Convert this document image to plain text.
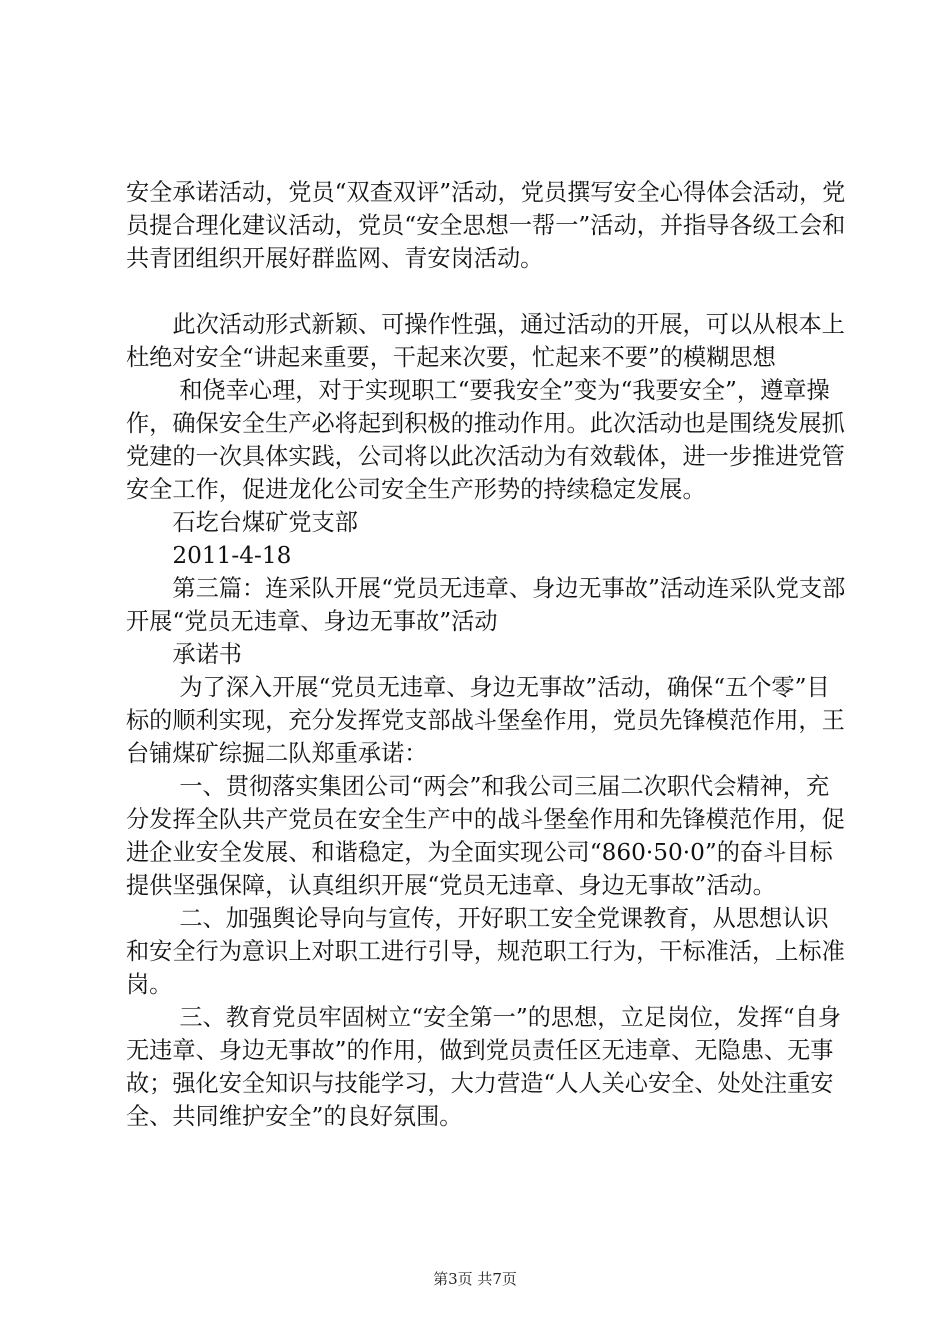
安全承诺活动，党员“双查双评”活动，党员撰写安全心得体会活动，党员提合理化建议活动，党员“安全思想一帮一”活动，并指导各级工会和共青团组织开展好群监网、青安岗活动。

此次活动形式新颖、可操作性强，通过活动的开展，可以从根本上杜绝对安全“讲起来重要，干起来次要，忙起来不要”的模糊思想

和侥幸心理，对于实现职工“要我安全”变为“我要安全”，遵章操作，确保安全生产必将起到积极的推动作用。此次活动也是围绕发展抓党建的一次具体实践，公司将以此次活动为有效载体，进一步推进党管安全工作，促进龙化公司安全生产形势的持续稳定发展。

石圪台煤矿党支部

2011-4-18

第三篇：连采队开展“党员无违章、身边无事故”活动连采队党支部开展“党员无违章、身边无事故”活动

承诺书

为了深入开展“党员无违章、身边无事故”活动，确保“五个零”目标的顺利实现，充分发挥党支部战斗堡垒作用，党员先锋模范作用，王台铺煤矿综掘二队郑重承诺：

一、贯彻落实集团公司“两会”和我公司三届二次职代会精神，充分发挥全队共产党员在安全生产中的战斗堡垒作用和先锋模范作用，促进企业安全发展、和谐稳定，为全面实现公司“860·50·0”的奋斗目标提供坚强保障，认真组织开展“党员无违章、身边无事故”活动。

二、加强舆论导向与宣传，开好职工安全党课教育，从思想认识和安全行为意识上对职工进行引导，规范职工行为，干标准活，上标准岗。

三、教育党员牢固树立“安全第一”的思想，立足岗位，发挥“自身无违章、身边无事故”的作用，做到党员责任区无违章、无隐患、无事故；强化安全知识与技能学习，大力营造“人人关心安全、处处注重安全、共同维护安全”的良好氛围。

第3页 共7页
